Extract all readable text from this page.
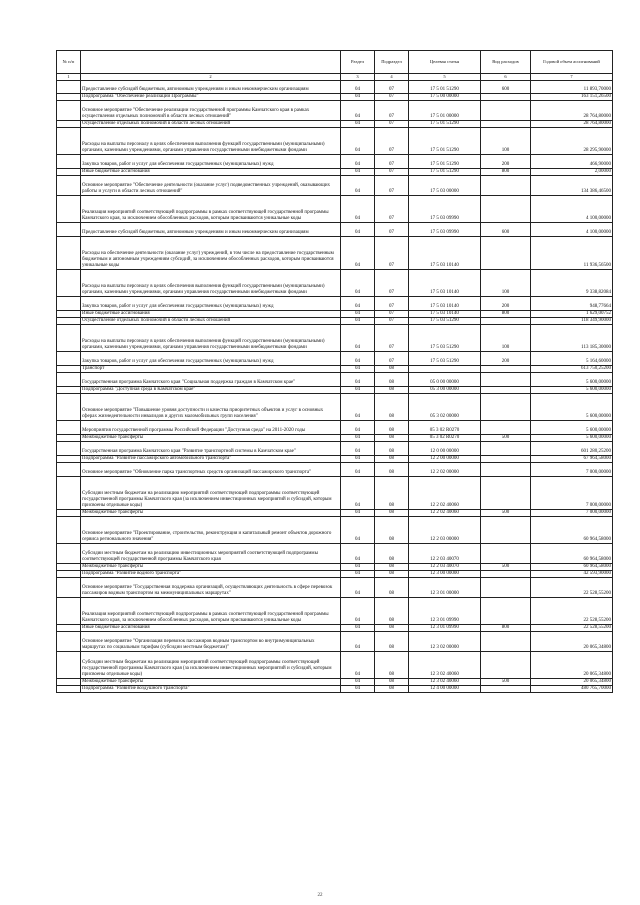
№ п/п		Раздел	Подраздел	Целевая статья	Вид расходов	Годовой объем ассигнований
1	2	3	4	5	6	7
	Предоставление субсидий бюджетным, автономным учреждениям и иным некоммерческим организациям	04	07	17 5 01 51290	600	11 893,70000
	Подпрограмма "Обеспечение реализации Программы"	04	07	17 5 00 00000		163 151,26500
	Основное мероприятие "Обеспечение реализации государственной программы Камчатского края в рамках осуществления отдельных полномочий в области лесных отношений"	04	07	17 5 01 00000		28 764,80000
	Осуществление отдельных полномочий в области лесных отношений	04	07	17 5 01 51290		28 764,80000
	Расходы на выплаты персоналу в целях обеспечения выполнения функций государственными (муниципальными) органами, казенными учреждениями, органами управления государственными внебюджетными фондами	04	07	17 5 01 51290	100	28 295,90000
	Закупка товаров, работ и услуг для обеспечения государственных (муниципальных) нужд	04	07	17 5 01 51290	200	466,90000
	Иные бюджетные ассигнования	04	07	17 5 01 51290	800	2,00000
	Основное мероприятие "Обеспечение деятельности (оказание услуг) подведомственных учреждений, оказывающих работы и услуги в области лесных отношений"	04	07	17 5 03 00000		134 386,46500
	Реализация мероприятий соответствующей подпрограммы в рамках соответствующей государственной программы Камчатского края, за исключением обособленных расходов, которым присваиваются уникальные коды	04	07	17 5 03 09990		4 100,00000
	Предоставление субсидий бюджетным, автономным учреждениям и иным некоммерческим организациям	04	07	17 5 03 09990	600	4 100,00000
	Расходы на обеспечение деятельности (оказание услуг) учреждений, в том числе на предоставление государственным бюджетным и автономным учреждениям субсидий, за исключением обособленных расходов, которым присваиваются уникальные коды	04	07	17 5 03 10140		11 936,56500
	Расходы на выплаты персоналу в целях обеспечения выполнения функций государственными (муниципальными) органами, казенными учреждениями, органами управления государственными внебюджетными фондами	04	07	17 5 03 10140	100	9 338,82084
	Закупка товаров, работ и услуг для обеспечения государственных (муниципальных) нужд	04	07	17 5 03 10140	200	948,77664
	Иные бюджетные ассигнования	04	07	17 5 03 10140	800	1 629,00752
	Осуществление отдельных полномочий в области лесных отношений	04	07	17 5 03 51290		118 349,90000
	Расходы на выплаты персоналу в целях обеспечения выполнения функций государственными (муниципальными) органами, казенными учреждениями, органами управления государственными внебюджетными фондами	04	07	17 5 03 51290	100	113 185,30000
	Закупка товаров, работ и услуг для обеспечения государственных (муниципальных) нужд	04	07	17 5 03 51290	200	5 164,60000
	Транспорт	04	08			613 750,25200
	Государственная программа Камчатского края "Социальная поддержка граждан в Камчатском крае"	04	08	05 0 00 00000		5 600,00000
	Подпрограмма "Доступная среда в Камчатском крае"	04	08	05 3 00 00000		5 600,00000
	Основное мероприятие "Повышение уровня доступности и качества приоритетных объектов и услуг в основных сферах жизнедеятельности инвалидов и других маломобильных групп населения"	04	08	05 3 02 00000		5 600,00000
	Мероприятия государственной программы Российской Федерации "Доступная среда" на 2011-2020 годы	04	08	05 3 02 R0270		5 600,00000
	Межбюджетные трансферты	04	08	05 3 02 R0270	500	5 600,00000
	Государственная программа Камчатского края "Развитие транспортной системы в Камчатском крае"	04	08	12 0 00 00000		601 280,25200
	Подпрограмма "Развитие пассажирского автомобильного транспорта"	04	08	12 2 00 00000		67 964,58000
	Основное мероприятие "Обновление парка транспортных средств организаций пассажирского транспорта"	04	08	12 2 02 00000		7 000,00000
	Субсидии местным бюджетам на реализацию мероприятий соответствующей подпрограммы соответствующей государственной программы Камчатского края (за исключением инвестиционных мероприятий и субсидий, которым присвоены отдельные коды)	04	08	12 2 02 40060		7 000,00000
	Межбюджетные трансферты	04	08	12 2 02 40060	500	7 000,00000
	Основное мероприятие "Проектирование, строительство, реконструкция и капитальный ремонт объектов дорожного сервиса регионального значения"	04	08	12 2 03 00000		60 964,58000
	Субсидии местным бюджетам на реализацию инвестиционных мероприятий соответствующей подпрограммы соответствующей государственной программы Камчатского края	04	08	12 2 03 40070		60 964,58000
	Межбюджетные трансферты	04	08	12 2 03 40070	500	60 964,58000
	Подпрограмма "Развитие водного транспорта"	04	08	12 3 00 00000		42 593,90000
	Основное мероприятие "Государственная поддержка организаций, осуществляющих деятельность в сфере перевозок пассажиров водным транспортом на межмуниципальных маршрутах"	04	08	12 3 01 00000		22 528,55200
	Реализация мероприятий соответствующей подпрограммы в рамках соответствующей государственной программы Камчатского края, за исключением обособленных расходов, которым присваиваются уникальные коды	04	08	12 3 01 09990		22 528,55200
	Иные бюджетные ассигнования	04	08	12 3 01 09990	800	22 528,55200
	Основное мероприятие "Организация перевозок пассажиров водным транспортом во внутримуниципальных маршрутах по социальным тарифам (субсидии местным бюджетам)"	04	08	12 3 02 00000		20 065,34800
	Субсидии местным бюджетам на реализацию мероприятий соответствующей подпрограммы соответствующей государственной программы Камчатского края (за исключением инвестиционных мероприятий и субсидий, которым присвоены отдельные коды)	04	08	12 3 02 40060		20 065,34800
	Межбюджетные трансферты	04	08	12 3 02 40060	500	20 065,34800
	Подпрограмма "Развитие воздушного транспорта"	04	08	12 4 00 00000		480 765,70000
22
